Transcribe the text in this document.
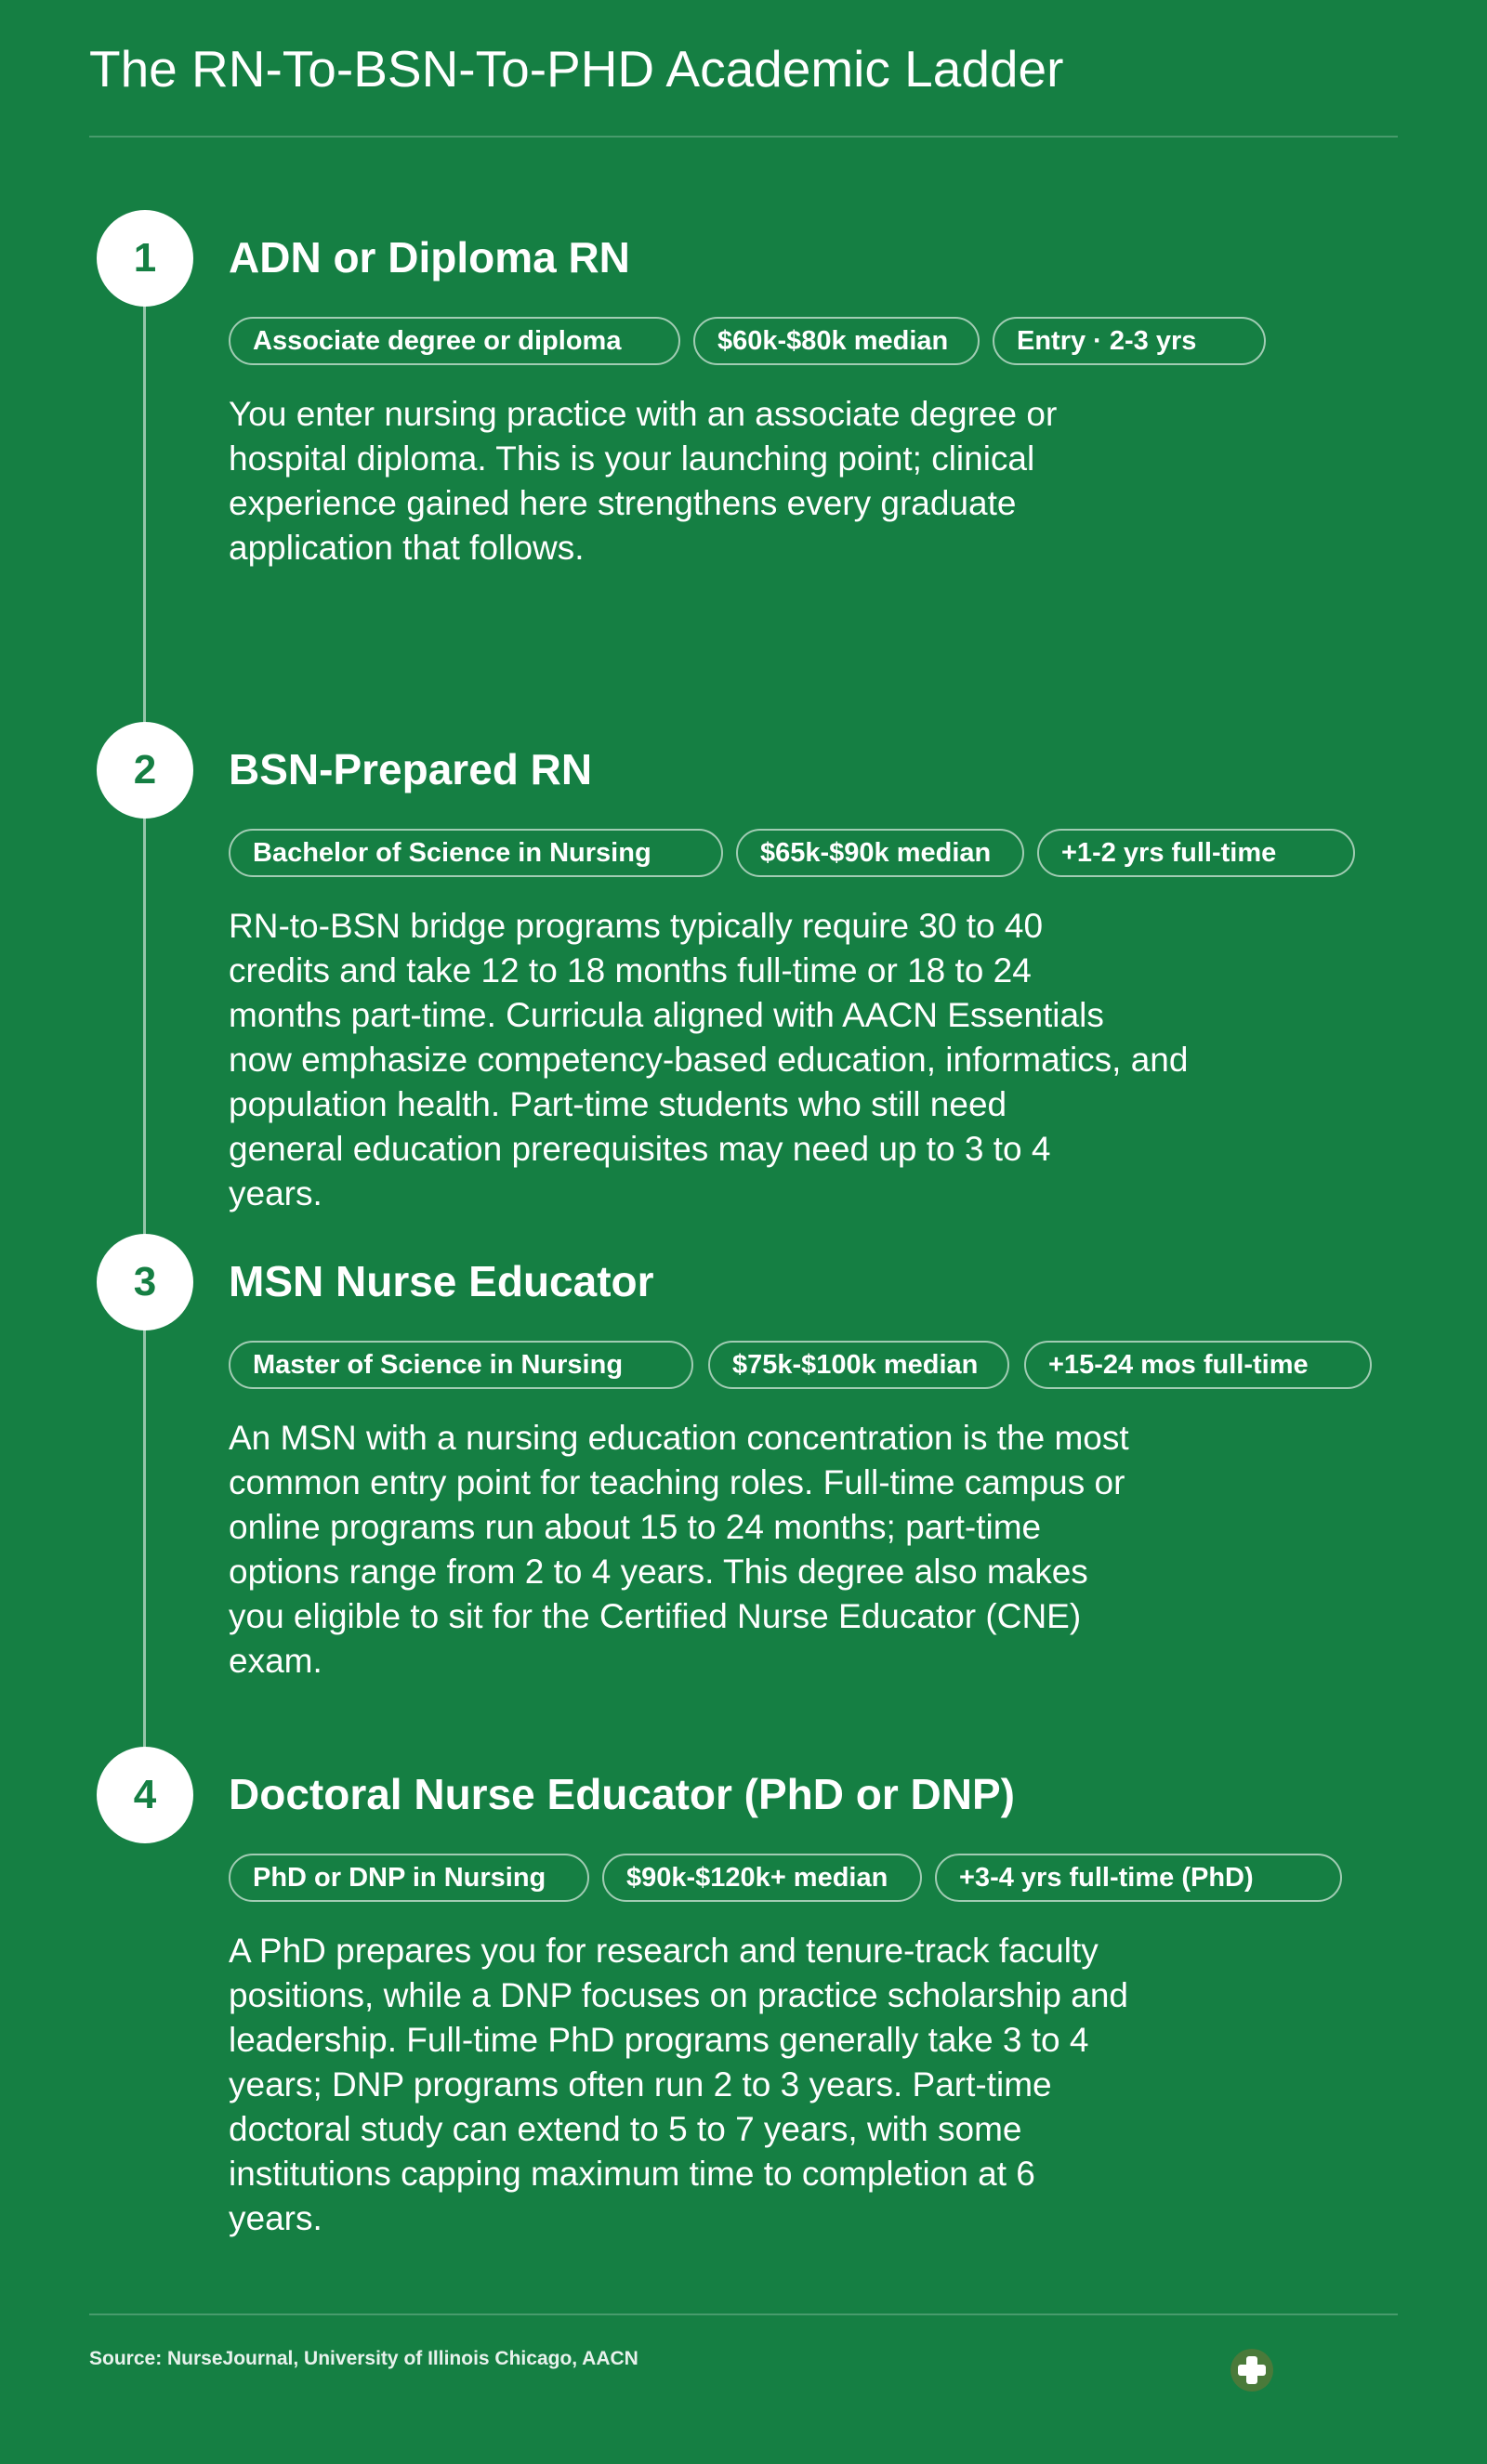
The RN-To-BSN-To-PHD Academic Ladder
1	ADN or Diploma RN
Associate degree or diploma	$60k-$80k median	Entry · 2-3 yrs

You enter nursing practice with an associate degree or
hospital diploma. This is your launching point; clinical
experience gained here strengthens every graduate
application that follows.

2	BSN-Prepared RN
Bachelor of Science in Nursing	$65k-$90k median	+1-2 yrs full-time

RN-to-BSN bridge programs typically require 30 to 40
credits and take 12 to 18 months full-time or 18 to 24
months part-time. Curricula aligned with AACN Essentials
now emphasize competency-based education, informatics, and
population health. Part-time students who still need
general education prerequisites may need up to 3 to 4
years.

3	MSN Nurse Educator
Master of Science in Nursing	$75k-$100k median	+15-24 mos full-time

An MSN with a nursing education concentration is the most
common entry point for teaching roles. Full-time campus or
online programs run about 15 to 24 months; part-time
options range from 2 to 4 years. This degree also makes
you eligible to sit for the Certified Nurse Educator (CNE)
exam.

4	Doctoral Nurse Educator (PhD or DNP)
PhD or DNP in Nursing	$90k-$120k+ median	+3-4 yrs full-time (PhD)

A PhD prepares you for research and tenure-track faculty
positions, while a DNP focuses on practice scholarship and
leadership. Full-time PhD programs generally take 3 to 4
years; DNP programs often run 2 to 3 years. Part-time
doctoral study can extend to 5 to 7 years, with some
institutions capping maximum time to completion at 6
years.

Source: NurseJournal, University of Illinois Chicago, AACN
